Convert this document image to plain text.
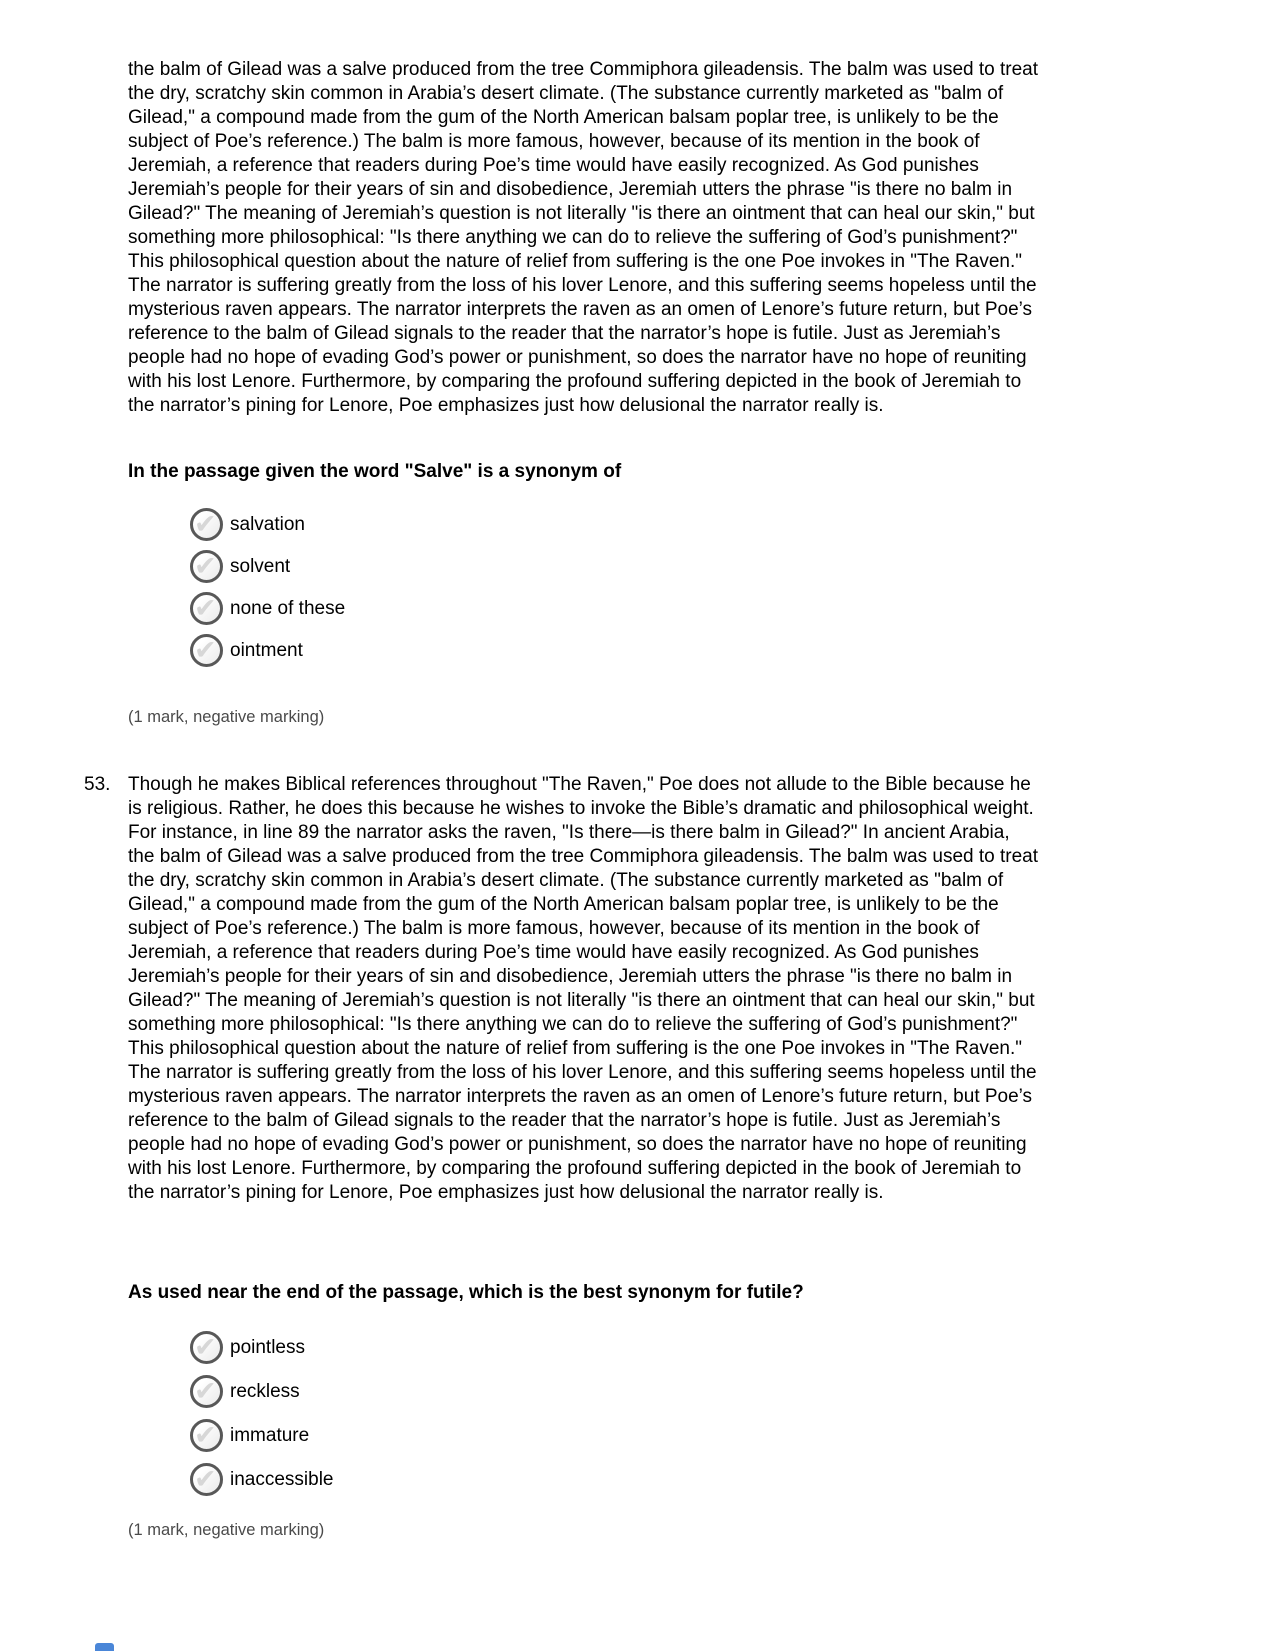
the balm of Gilead was a salve produced from the tree Commiphora gileadensis. The balm was used to treat
the dry, scratchy skin common in Arabia’s desert climate. (The substance currently marketed as "balm of
Gilead," a compound made from the gum of the North American balsam poplar tree, is unlikely to be the
subject of Poe’s reference.) The balm is more famous, however, because of its mention in the book of
Jeremiah, a reference that readers during Poe’s time would have easily recognized. As God punishes
Jeremiah’s people for their years of sin and disobedience, Jeremiah utters the phrase "is there no balm in
Gilead?" The meaning of Jeremiah’s question is not literally "is there an ointment that can heal our skin," but
something more philosophical: "Is there anything we can do to relieve the suffering of God’s punishment?"
This philosophical question about the nature of relief from suffering is the one Poe invokes in "The Raven."
The narrator is suffering greatly from the loss of his lover Lenore, and this suffering seems hopeless until the
mysterious raven appears. The narrator interprets the raven as an omen of Lenore’s future return, but Poe’s
reference to the balm of Gilead signals to the reader that the narrator’s hope is futile. Just as Jeremiah’s
people had no hope of evading God’s power or punishment, so does the narrator have no hope of reuniting
with his lost Lenore. Furthermore, by comparing the profound suffering depicted in the book of Jeremiah to
the narrator’s pining for Lenore, Poe emphasizes just how delusional the narrator really is.
In the passage given the word "Salve" is a synonym of
✔ salvation
✔ solvent
✔ none of these
✔ ointment
(1 mark, negative marking)
53. Though he makes Biblical references throughout "The Raven," Poe does not allude to the Bible because he
is religious. Rather, he does this because he wishes to invoke the Bible’s dramatic and philosophical weight.
For instance, in line 89 the narrator asks the raven, "Is there—is there balm in Gilead?" In ancient Arabia,
the balm of Gilead was a salve produced from the tree Commiphora gileadensis. The balm was used to treat
the dry, scratchy skin common in Arabia’s desert climate. (The substance currently marketed as "balm of
Gilead," a compound made from the gum of the North American balsam poplar tree, is unlikely to be the
subject of Poe’s reference.) The balm is more famous, however, because of its mention in the book of
Jeremiah, a reference that readers during Poe’s time would have easily recognized. As God punishes
Jeremiah’s people for their years of sin and disobedience, Jeremiah utters the phrase "is there no balm in
Gilead?" The meaning of Jeremiah’s question is not literally "is there an ointment that can heal our skin," but
something more philosophical: "Is there anything we can do to relieve the suffering of God’s punishment?"
This philosophical question about the nature of relief from suffering is the one Poe invokes in "The Raven."
The narrator is suffering greatly from the loss of his lover Lenore, and this suffering seems hopeless until the
mysterious raven appears. The narrator interprets the raven as an omen of Lenore’s future return, but Poe’s
reference to the balm of Gilead signals to the reader that the narrator’s hope is futile. Just as Jeremiah’s
people had no hope of evading God’s power or punishment, so does the narrator have no hope of reuniting
with his lost Lenore. Furthermore, by comparing the profound suffering depicted in the book of Jeremiah to
the narrator’s pining for Lenore, Poe emphasizes just how delusional the narrator really is.
As used near the end of the passage, which is the best synonym for futile?
✔ pointless
✔ reckless
✔ immature
✔ inaccessible
(1 mark, negative marking)
